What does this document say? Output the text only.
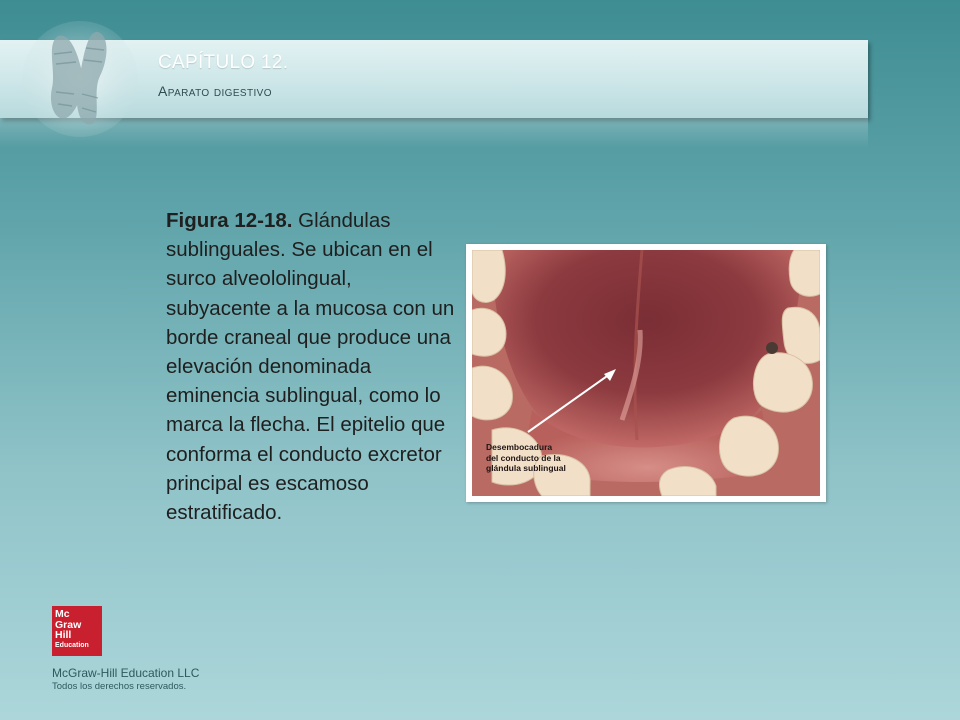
CAPÍTULO 12.
Aparato digestivo
Figura 12-18. Glándulas sublinguales. Se ubican en el surco alveololingual, subyacente a la mucosa con un borde craneal que produce una elevación denominada eminencia sublingual, como lo marca la flecha. El epitelio que conforma el conducto excretor principal es escamoso estratificado.
Desembocadura
del conducto de la
glándula sublingual
Mc
Graw
Hill
Education
McGraw-Hill Education LLC
Todos los derechos reservados.
